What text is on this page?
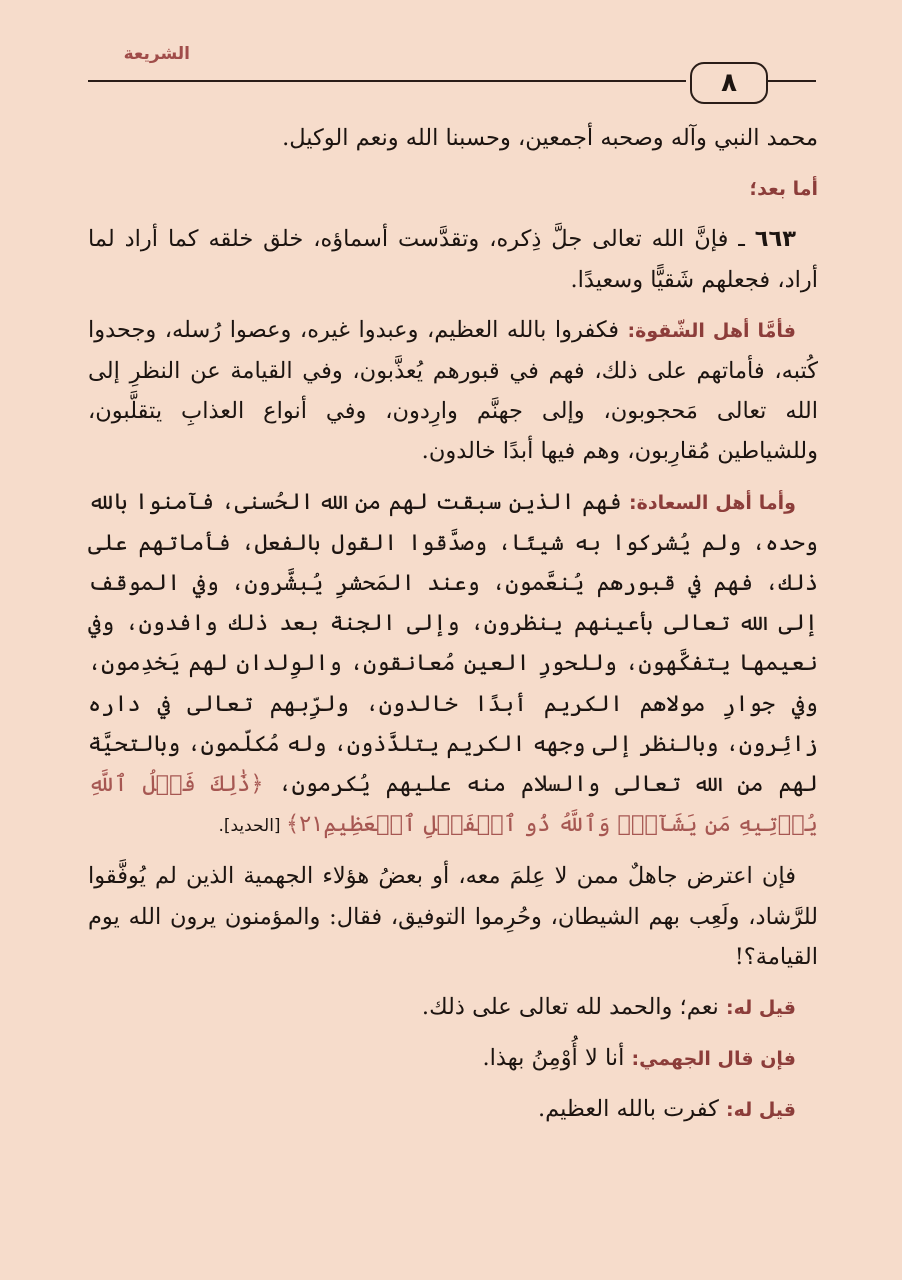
الشريعة
٨

محمد النبي وآله وصحبه أجمعين، وحسبنا الله ونعم الوكيل.

أما بعد؛

٦٦٣ ـ فإنَّ الله تعالى جلَّ ذِكره، وتقدَّست أسماؤه، خلق خلقه كما أراد لما أراد، فجعلهم شَقيًّا وسعيدًا.

فأمَّا أهل الشّقوة: فكفروا بالله العظيم، وعبدوا غيره، وعصوا رُسله، وجحدوا كُتبه، فأماتهم على ذلك، فهم في قبورهم يُعذَّبون، وفي القيامة عن النظرِ إلى الله تعالى مَحجوبون، وإلى جهنَّم وارِدون، وفي أنواع العذابِ يتقلَّبون، وللشياطين مُقارِبون، وهم فيها أبدًا خالدون.

وأما أهل السعادة: فهم الذين سبقت لهم من الله الحُسنى، فآمنوا بالله وحده، ولم يُشركوا به شيئًا، وصدَّقوا القول بالفعل، فأماتهم على ذلك، فهم في قبورهم يُنعَّمون، وعند المَحشرِ يُبشَّرون، وفي الموقف إلى الله تعالى بأعينهم ينظرون، وإلى الجنة بعد ذلك وافدون، وفي نعيمها يتفكَّهون، وللحورِ العين مُعانقون، والوِلدان لهم يَخدِمون، وفي جوارِ مولاهم الكريم أبدًا خالدون، ولرِّبهم تعالى في داره زائِرون، وبالنظر إلى وجهه الكريم يتلذَّذون، وله مُكلّمون، وبالتحيَّة لهم من الله تعالى والسلام منه عليهم يُكرمون، ﴿ذَٰلِكَ فَضۡلُ ٱللَّهِ يُؤۡتِيهِ مَن يَشَآءُۚ وَٱللَّهُ ذُو ٱلۡفَضۡلِ ٱلۡعَظِيمِ٢١﴾ [الحديد].

فإن اعترض جاهلٌ ممن لا عِلمَ معه، أو بعضُ هؤلاء الجهمية الذين لم يُوفَّقوا للرَّشاد، ولَعِب بهم الشيطان، وحُرِموا التوفيق، فقال: والمؤمنون يرون الله يوم القيامة؟!

قيل له: نعم؛ والحمد لله تعالى على ذلك.

فإن قال الجهمي: أنا لا أُوْمِنُ بهذا.

قيل له: كفرت بالله العظيم.
